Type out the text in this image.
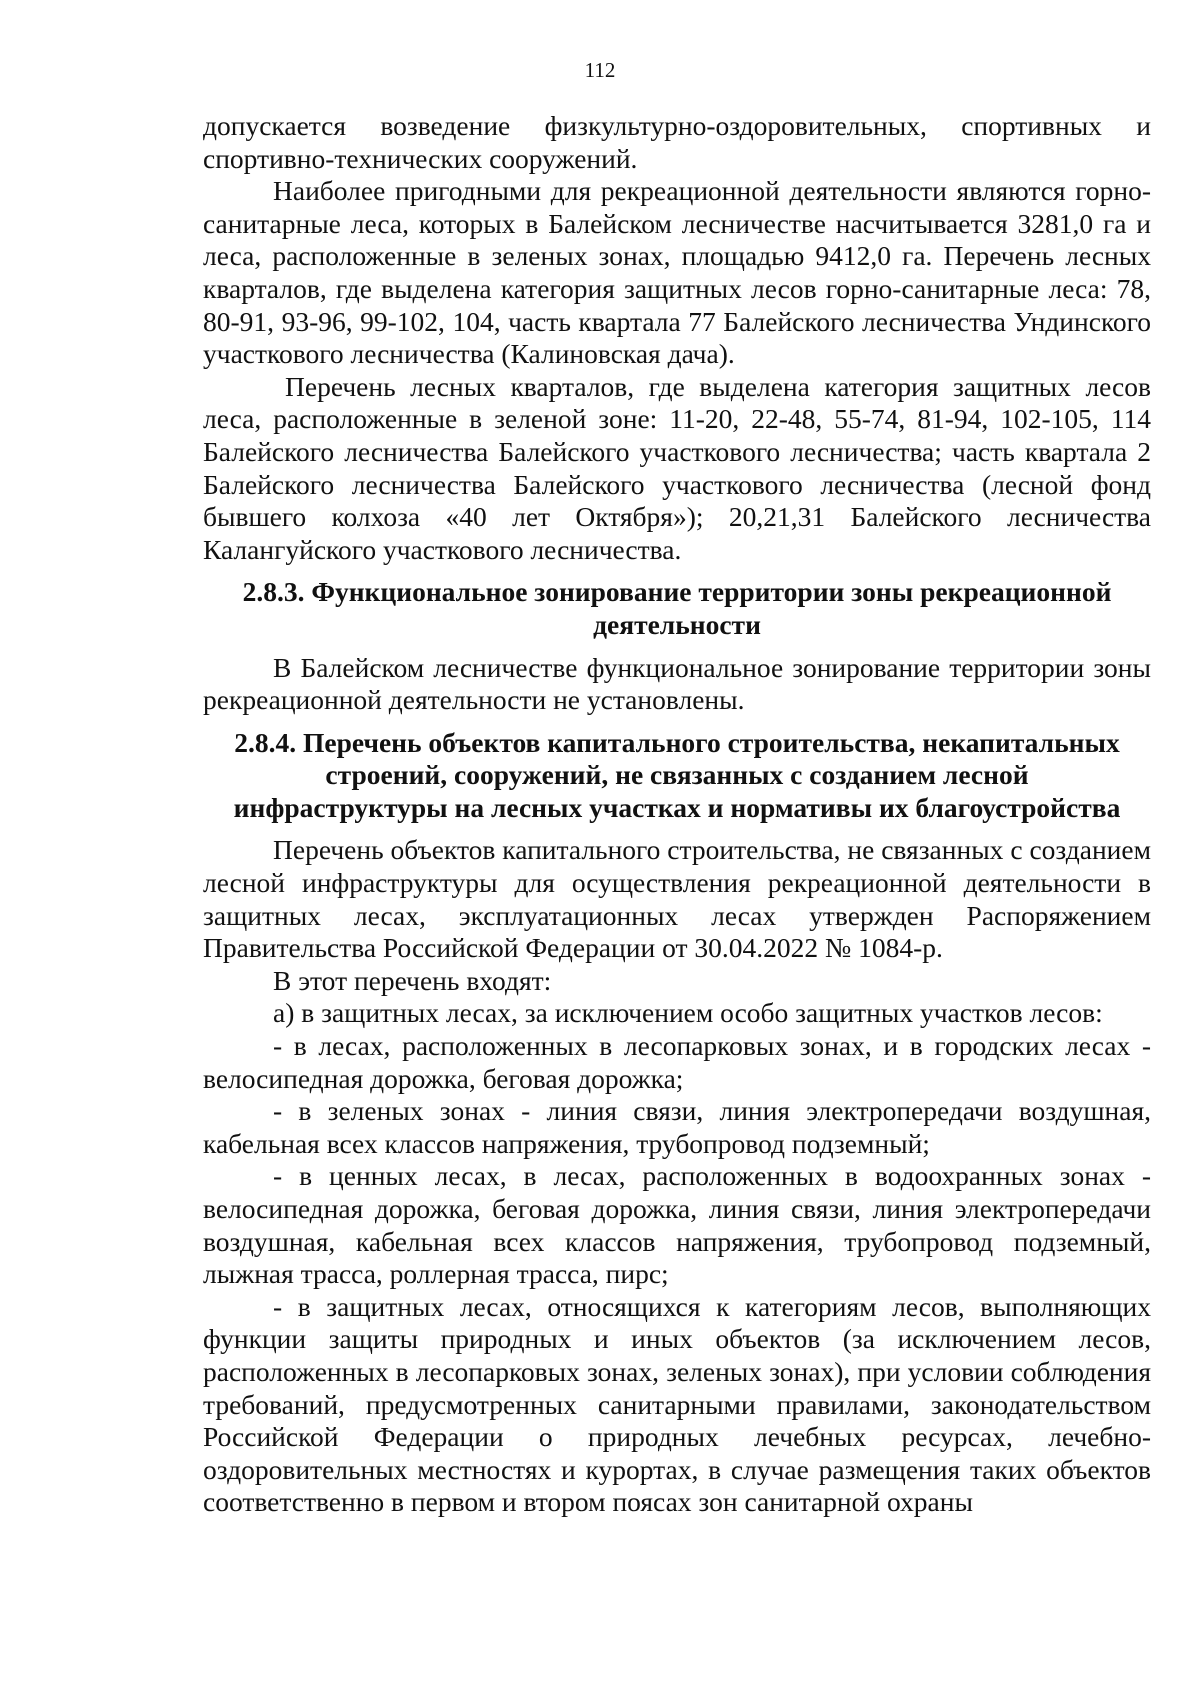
112

допускается возведение физкультурно-оздоровительных, спортивных и спортивно-технических сооружений.

Наиболее пригодными для рекреационной деятельности являются горно-санитарные леса, которых в Балейском лесничестве насчитывается 3281,0 га и леса, расположенные в зеленых зонах, площадью 9412,0 га. Перечень лесных кварталов, где выделена категория защитных лесов горно-санитарные леса: 78, 80-91, 93-96, 99-102, 104, часть квартала 77 Балейского лесничества Ундинского участкового лесничества (Калиновская дача).

Перечень лесных кварталов, где выделена категория защитных лесов леса, расположенные в зеленой зоне: 11-20, 22-48, 55-74, 81-94, 102-105, 114 Балейского лесничества Балейского участкового лесничества; часть квартала 2 Балейского лесничества Балейского участкового лесничества (лесной фонд бывшего колхоза «40 лет Октября»); 20,21,31 Балейского лесничества Калангуйского участкового лесничества.

2.8.3. Функциональное зонирование территории зоны рекреационной
деятельности

В Балейском лесничестве функциональное зонирование территории зоны рекреационной деятельности не установлены.

2.8.4. Перечень объектов капитального строительства, некапитальных
строений, сооружений, не связанных с созданием лесной
инфраструктуры на лесных участках и нормативы их благоустройства

Перечень объектов капитального строительства, не связанных с созданием лесной инфраструктуры для осуществления рекреационной деятельности в защитных лесах, эксплуатационных лесах утвержден Распоряжением Правительства Российской Федерации от 30.04.2022 № 1084-р.

В этот перечень входят:

а) в защитных лесах, за исключением особо защитных участков лесов:

- в лесах, расположенных в лесопарковых зонах, и в городских лесах - велосипедная дорожка, беговая дорожка;

- в зеленых зонах - линия связи, линия электропередачи воздушная, кабельная всех классов напряжения, трубопровод подземный;

- в ценных лесах, в лесах, расположенных в водоохранных зонах - велосипедная дорожка, беговая дорожка, линия связи, линия электропередачи воздушная, кабельная всех классов напряжения, трубопровод подземный, лыжная трасса, роллерная трасса, пирс;

- в защитных лесах, относящихся к категориям лесов, выполняющих функции защиты природных и иных объектов (за исключением лесов, расположенных в лесопарковых зонах, зеленых зонах), при условии соблюдения требований, предусмотренных санитарными правилами, законодательством Российской Федерации о природных лечебных ресурсах, лечебно-оздоровительных местностях и курортах, в случае размещения таких объектов соответственно в первом и втором поясах зон санитарной охраны
